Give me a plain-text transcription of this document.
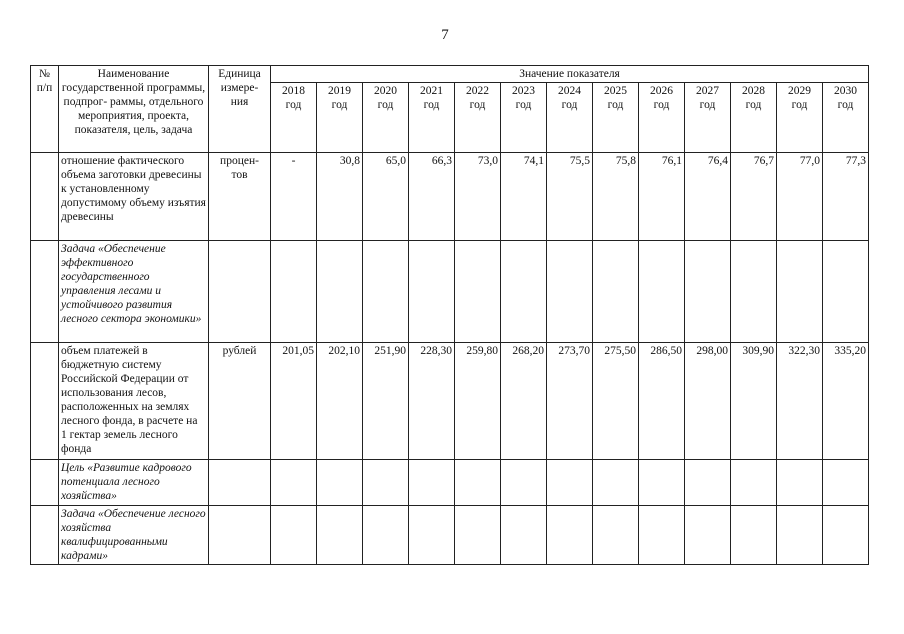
7
№ п/п	Наименование государственной программы, подпрог- раммы, отдельного мероприятия, проекта, показателя, цель, задача	Единица измере- ния	Значение показателя												
			2018 год	2019 год	2020 год	2021 год	2022 год	2023 год	2024 год	2025 год	2026 год	2027 год	2028 год	2029 год	2030 год
	отношение фактического объема заготовки древесины к установленному допустимому объему изъятия древесины	процен- тов	-	30,8	65,0	66,3	73,0	74,1	75,5	75,8	76,1	76,4	76,7	77,0	77,3
	Задача «Обеспечение эффективного государственного управления лесами и устойчивого развития лесного сектора экономики»														
	объем платежей в бюджетную систему Российской Федерации от использования лесов, расположенных на землях лесного фонда, в расчете на 1 гектар земель лесного фонда	рублей	201,05	202,10	251,90	228,30	259,80	268,20	273,70	275,50	286,50	298,00	309,90	322,30	335,20
	Цель «Развитие кадрового потенциала лесного хозяйства»														
	Задача «Обеспечение лесного хозяйства квалифицированными кадрами»														
